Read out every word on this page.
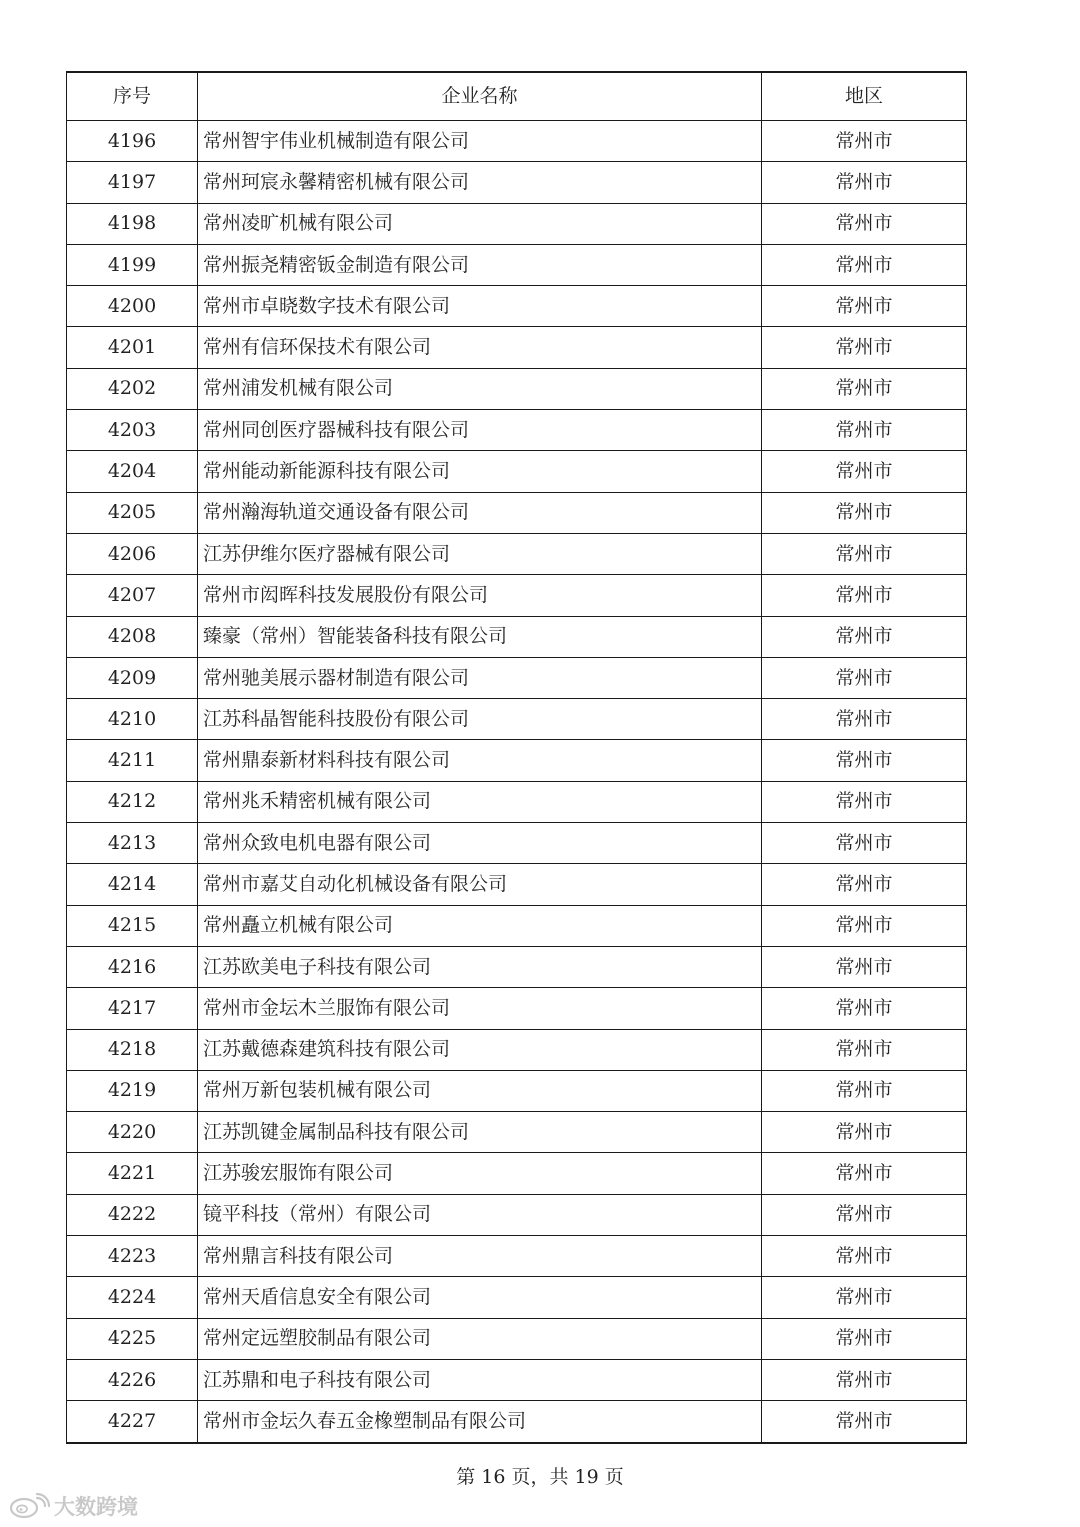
序号	企业名称	地区
4196	常州智宇伟业机械制造有限公司	常州市
4197	常州珂宸永馨精密机械有限公司	常州市
4198	常州凌旷机械有限公司	常州市
4199	常州振尧精密钣金制造有限公司	常州市
4200	常州市卓晓数字技术有限公司	常州市
4201	常州有信环保技术有限公司	常州市
4202	常州浦发机械有限公司	常州市
4203	常州同创医疗器械科技有限公司	常州市
4204	常州能动新能源科技有限公司	常州市
4205	常州瀚海轨道交通设备有限公司	常州市
4206	江苏伊维尔医疗器械有限公司	常州市
4207	常州市闳晖科技发展股份有限公司	常州市
4208	臻豪（常州）智能装备科技有限公司	常州市
4209	常州驰美展示器材制造有限公司	常州市
4210	江苏科晶智能科技股份有限公司	常州市
4211	常州鼎泰新材料科技有限公司	常州市
4212	常州兆禾精密机械有限公司	常州市
4213	常州众致电机电器有限公司	常州市
4214	常州市嘉艾自动化机械设备有限公司	常州市
4215	常州矗立机械有限公司	常州市
4216	江苏欧美电子科技有限公司	常州市
4217	常州市金坛木兰服饰有限公司	常州市
4218	江苏戴德森建筑科技有限公司	常州市
4219	常州万新包装机械有限公司	常州市
4220	江苏凯键金属制品科技有限公司	常州市
4221	江苏骏宏服饰有限公司	常州市
4222	镜平科技（常州）有限公司	常州市
4223	常州鼎言科技有限公司	常州市
4224	常州天盾信息安全有限公司	常州市
4225	常州定远塑胶制品有限公司	常州市
4226	江苏鼎和电子科技有限公司	常州市
4227	常州市金坛久春五金橡塑制品有限公司	常州市
第 16 页，共 19 页
大数跨境
